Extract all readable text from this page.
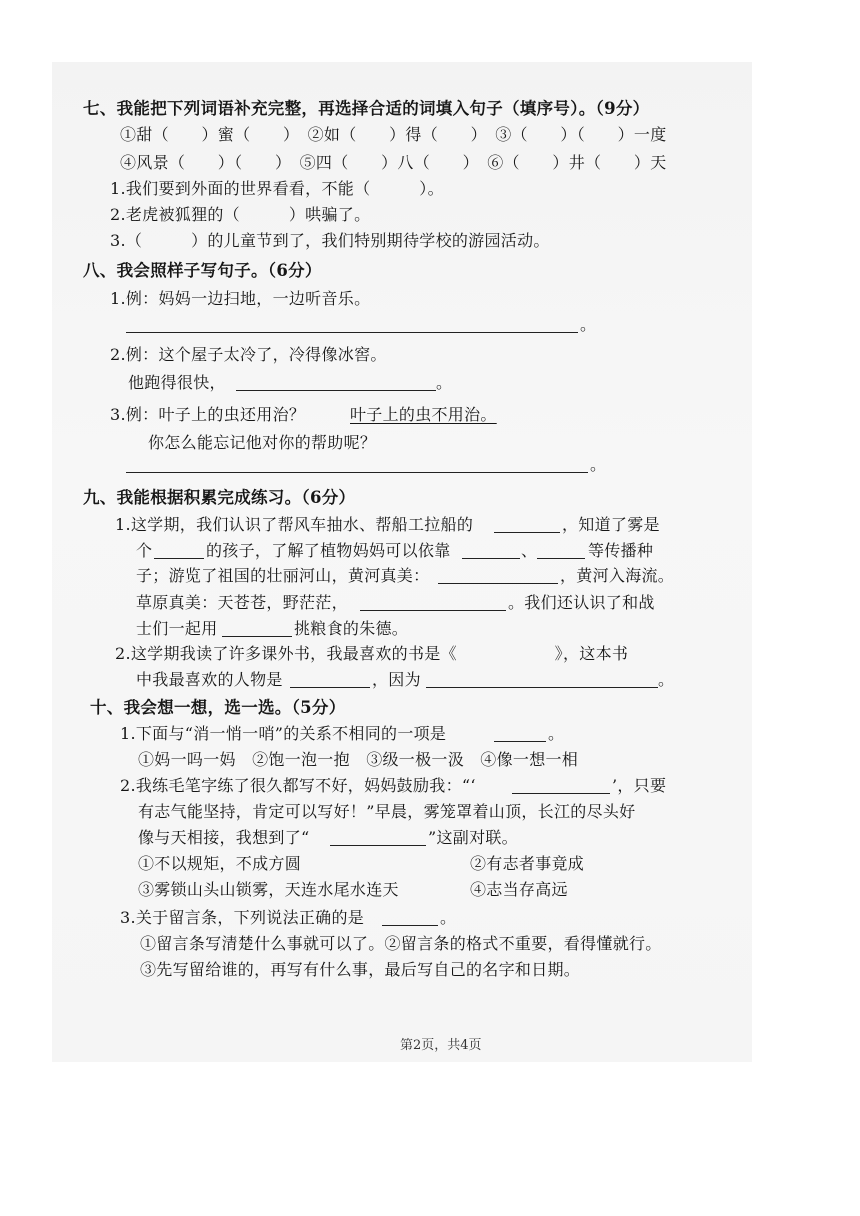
七、我能把下列词语补充完整，再选择合适的词填入句子（填序号）。（9分）
①甜（　　）蜜（　　）　②如（　　）得（　　）　③（　　）（　　）一度
④风景（　　）（　　）　⑤四（　　）八（　　）　⑥（　　）井（　　）天
1.我们要到外面的世界看看，不能（　　　）。
2.老虎被狐狸的（　　　）哄骗了。
3.（　　　）的儿童节到了，我们特别期待学校的游园活动。
八、我会照样子写句子。（6分）
1.例：妈妈一边扫地，一边听音乐。
。
2.例：这个屋子太冷了，冷得像冰窖。
他跑得很快，	。
3.例：叶子上的虫还用治？	叶子上的虫不用治。
你怎么能忘记他对你的帮助呢？
。
九、我能根据积累完成练习。（6分）
1.这学期，我们认识了帮风车抽水、帮船工拉船的	，知道了雾是
个	的孩子，了解了植物妈妈可以依靠	、	等传播种
子；游览了祖国的壮丽河山，黄河真美：	，黄河入海流。
草原真美：天苍苍，野茫茫，	。我们还认识了和战
士们一起用	挑粮食的朱德。
2.这学期我读了许多课外书，我最喜欢的书是《　　　　　　》，这本书
中我最喜欢的人物是	，因为	。
十、我会想一想，选一选。（5分）
1.下面与“消一悄一哨”的关系不相同的一项是	。
①妈一吗一妈　②饱一泡一抱　③级一极一汲　④像一想一相
2.我练毛笔字练了很久都写不好，妈妈鼓励我：“‘	’，只要
有志气能坚持，肯定可以写好！”早晨，雾笼罩着山顶，长江的尽头好
像与天相接，我想到了“	”这副对联。
①不以规矩，不成方圆	②有志者事竟成
③雾锁山头山锁雾，天连水尾水连天	④志当存高远
3.关于留言条，下列说法正确的是	。
①留言条写清楚什么事就可以了。②留言条的格式不重要，看得懂就行。
③先写留给谁的，再写有什么事，最后写自己的名字和日期。
第2页，共4页
